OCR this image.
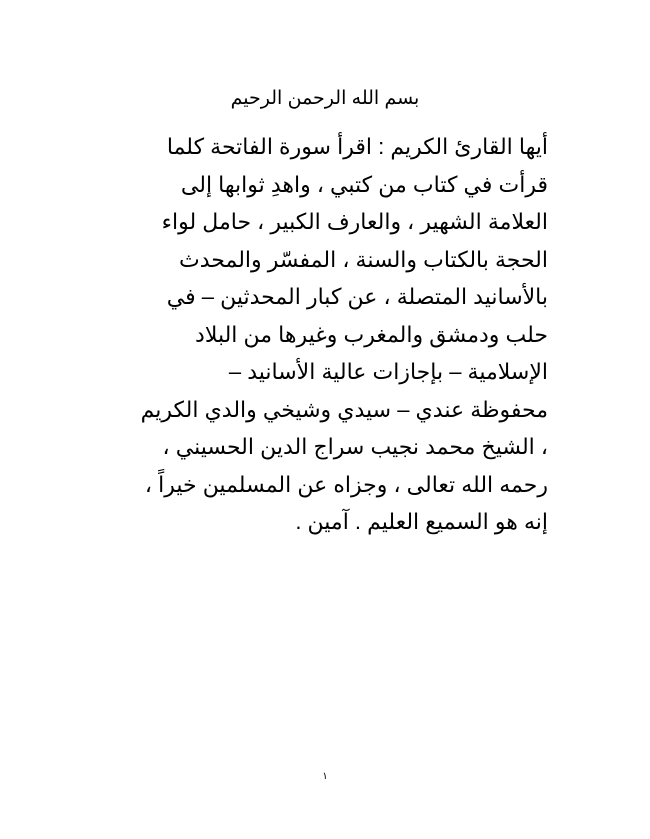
بسم الله الرحمن الرحيم
أيها القارئ الكريم : اقرأ سورة الفاتحة كلما
قرأت في كتاب من كتبي ، واهدِ ثوابها إلى
العلامة الشهير ، والعارف الكبير ، حامل لواء
الحجة بالكتاب والسنة ، المفسّر والمحدث
بالأسانيد المتصلة ، عن كبار المحدثين – في
حلب ودمشق والمغرب وغيرها من البلاد
الإسلامية – بإجازات عالية الأسانيد –
محفوظة عندي – سيدي وشيخي والدي الكريم
، الشيخ محمد نجيب سراج الدين الحسيني ،
رحمه الله تعالى ، وجزاه عن المسلمين خيراً ،
إنه هو السميع العليم . آمين .
١
